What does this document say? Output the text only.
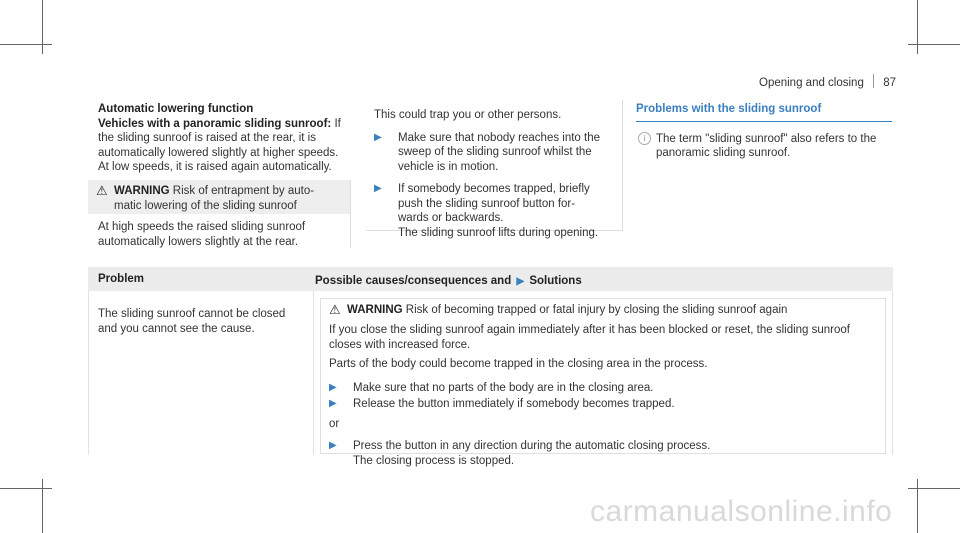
Opening and closing 87
Automatic lowering function
Vehicles with a panoramic sliding sunroof: If
the sliding sunroof is raised at the rear, it is
automatically lowered slightly at higher speeds.
At low speeds, it is raised again automatically.
⚠ WARNING Risk of entrapment by auto-
matic lowering of the sliding sunroof
At high speeds the raised sliding sunroof
automatically lowers slightly at the rear.
This could trap you or other persons.
▶ Make sure that nobody reaches into the
sweep of the sliding sunroof whilst the
vehicle is in motion.
▶ If somebody becomes trapped, briefly
push the sliding sunroof button for-
wards or backwards.
The sliding sunroof lifts during opening.
Problems with the sliding sunroof
i The term "sliding sunroof" also refers to the
panoramic sliding sunroof.
Problem	Possible causes/consequences and ▶ Solutions
The sliding sunroof cannot be closed
and you cannot see the cause.
⚠ WARNING Risk of becoming trapped or fatal injury by closing the sliding sunroof again
If you close the sliding sunroof again immediately after it has been blocked or reset, the sliding sunroof
closes with increased force.
Parts of the body could become trapped in the closing area in the process.
▶ Make sure that no parts of the body are in the closing area.
▶ Release the button immediately if somebody becomes trapped.
or
▶ Press the button in any direction during the automatic closing process.
The closing process is stopped.
carmanualsonline.info
